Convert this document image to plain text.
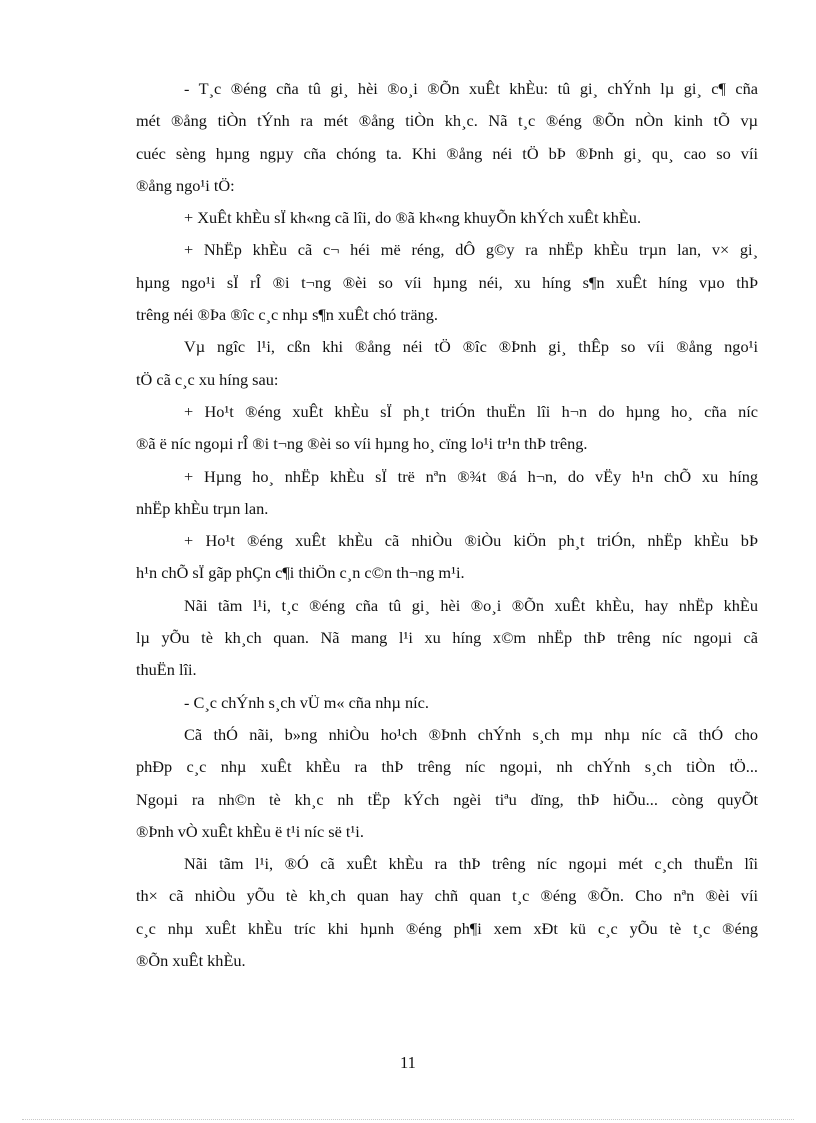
- T¸c ®éng cña tû gi¸ hèi ®o¸i ®Õn xuÊt khÈu: tû gi¸ chÝnh lµ gi¸ c¶ cña
mét ®ång tiÒn tÝnh ra mét ®ång tiÒn kh¸c. Nã t¸c ®éng ®Õn nÒn kinh tÕ vµ
cuéc sèng hµng ngµy cña chóng ta. Khi ®ång néi tÖ bÞ ®Þnh gi¸ qu¸ cao so víi
®ång ngo¹i tÖ:
+ XuÊt khÈu sÏ kh«ng cã lîi, do ®ã kh«ng khuyÕn khÝch xuÊt khÈu.
+ NhËp khÈu cã c¬ héi më réng, dÔ g©y ra nhËp khÈu trµn lan, v× gi¸
hµng ngo¹i sÏ rÎ ®i t¬ng ®èi so víi hµng néi, xu híng s¶n xuÊt híng vµo thÞ
trêng néi ®Þa ®îc c¸c nhµ s¶n xuÊt chó träng.
Vµ ngîc l¹i, cßn khi ®ång néi tÖ ®îc ®Þnh gi¸ thÊp so víi ®ång ngo¹i
tÖ cã c¸c xu híng sau:
+ Ho¹t ®éng xuÊt khÈu sÏ ph¸t triÓn thuËn lîi h¬n do hµng ho¸ cña níc
®ã ë níc ngoµi rÎ ®i t¬ng ®èi so víi hµng ho¸ cïng lo¹i tr¹n thÞ trêng.
+ Hµng ho¸ nhËp khÈu sÏ trë nªn ®¾t ®á h¬n, do vËy h¹n chÕ xu híng
nhËp khÈu trµn lan.
+ Ho¹t ®éng xuÊt khÈu cã nhiÒu ®iÒu kiÖn ph¸t triÓn, nhËp khÈu bÞ
h¹n chÕ sÏ gãp phÇn c¶i thiÖn c¸n c©n th¬ng m¹i.
Nãi tãm l¹i, t¸c ®éng cña tû gi¸ hèi ®o¸i ®Õn xuÊt khÈu, hay nhËp khÈu
lµ yÕu tè kh¸ch quan. Nã mang l¹i xu híng x©m nhËp thÞ trêng níc ngoµi cã
thuËn lîi.
- C¸c chÝnh s¸ch vÜ m« cña nhµ níc.
Cã thÓ nãi, b»ng nhiÒu ho¹ch ®Þnh chÝnh s¸ch mµ nhµ níc cã thÓ cho
phÐp c¸c nhµ xuÊt khÈu ra thÞ trêng níc ngoµi, nh chÝnh s¸ch tiÒn tÖ...
Ngoµi ra nh©n tè kh¸c nh tËp kÝch ngèi tiªu dïng, thÞ hiÕu... còng quyÕt
®Þnh vÒ xuÊt khÈu ë t¹i níc së t¹i.
Nãi tãm l¹i, ®Ó cã xuÊt khÈu ra thÞ trêng níc ngoµi mét c¸ch thuËn lîi
th× cã nhiÒu yÕu tè kh¸ch quan hay chñ quan t¸c ®éng ®Õn. Cho nªn ®èi víi
c¸c nhµ xuÊt khÈu tríc khi hµnh ®éng ph¶i xem xÐt kü c¸c yÕu tè t¸c ®éng
®Õn xuÊt khÈu.
11
